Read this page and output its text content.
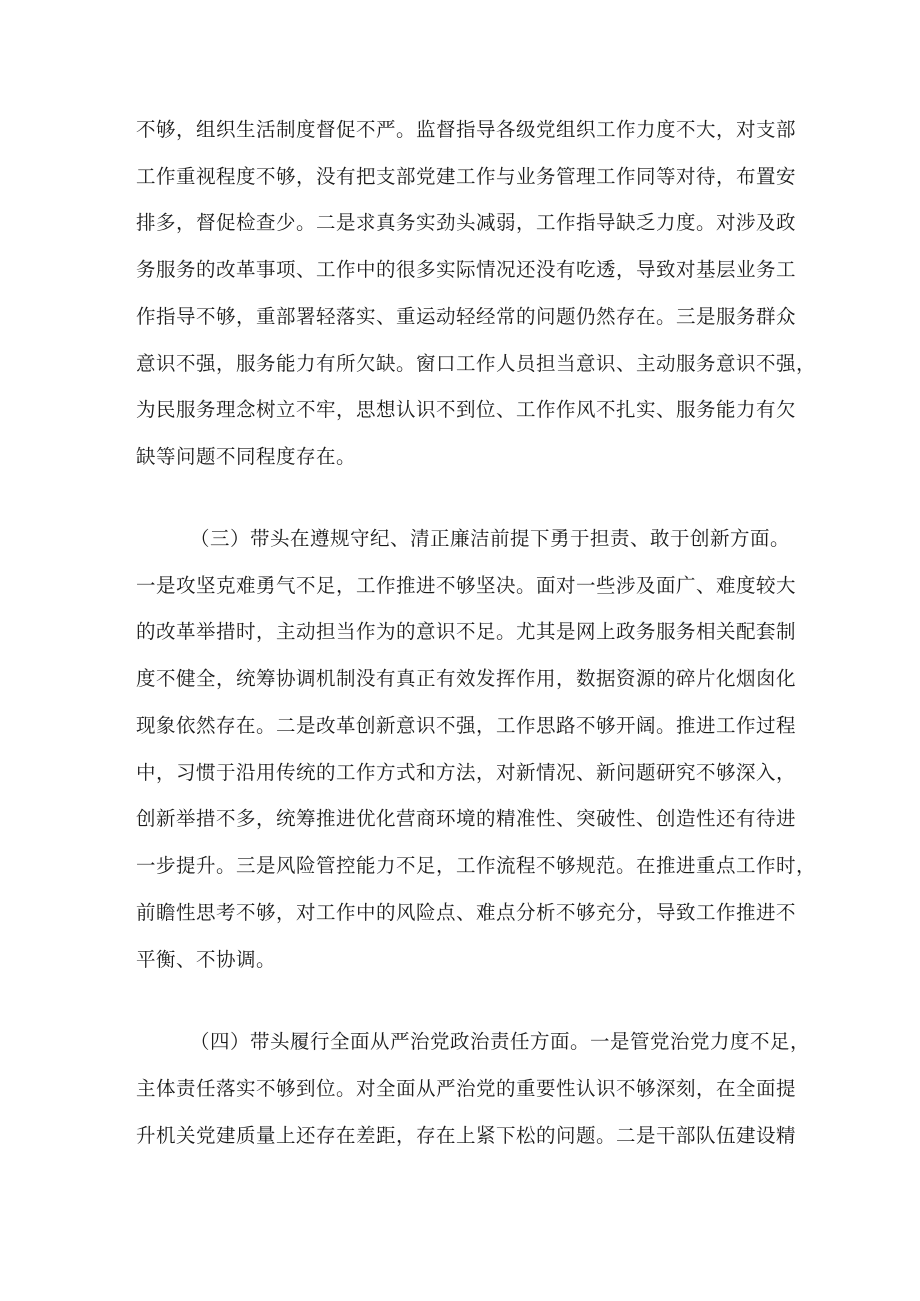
不够，组织生活制度督促不严。监督指导各级党组织工作力度不大，对支部
工作重视程度不够，没有把支部党建工作与业务管理工作同等对待，布置安
排多，督促检查少。二是求真务实劲头减弱，工作指导缺乏力度。对涉及政
务服务的改革事项、工作中的很多实际情况还没有吃透，导致对基层业务工
作指导不够，重部署轻落实、重运动轻经常的问题仍然存在。三是服务群众
意识不强，服务能力有所欠缺。窗口工作人员担当意识、主动服务意识不强，
为民服务理念树立不牢，思想认识不到位、工作作风不扎实、服务能力有欠
缺等问题不同程度存在。
（三）带头在遵规守纪、清正廉洁前提下勇于担责、敢于创新方面。
一是攻坚克难勇气不足，工作推进不够坚决。面对一些涉及面广、难度较大
的改革举措时，主动担当作为的意识不足。尤其是网上政务服务相关配套制
度不健全，统筹协调机制没有真正有效发挥作用，数据资源的碎片化烟囱化
现象依然存在。二是改革创新意识不强，工作思路不够开阔。推进工作过程
中，习惯于沿用传统的工作方式和方法，对新情况、新问题研究不够深入，
创新举措不多，统筹推进优化营商环境的精准性、突破性、创造性还有待进
一步提升。三是风险管控能力不足，工作流程不够规范。在推进重点工作时，
前瞻性思考不够，对工作中的风险点、难点分析不够充分，导致工作推进不
平衡、不协调。
（四）带头履行全面从严治党政治责任方面。一是管党治党力度不足，
主体责任落实不够到位。对全面从严治党的重要性认识不够深刻，在全面提
升机关党建质量上还存在差距，存在上紧下松的问题。二是干部队伍建设精
